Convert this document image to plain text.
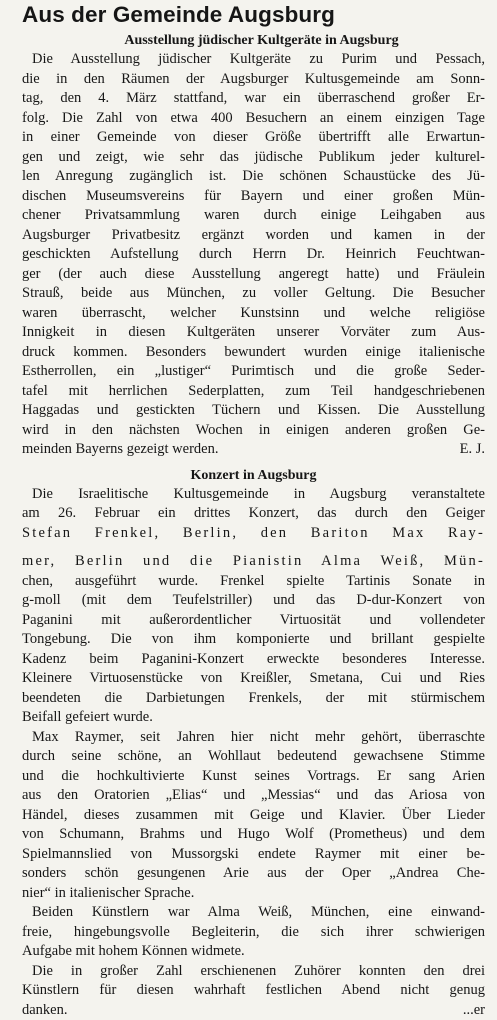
Aus der Gemeinde Augsburg
Ausstellung jüdischer Kultgeräte in Augsburg
Die Ausstellung jüdischer Kultgeräte zu Purim und Pessach,
die in den Räumen der Augsburger Kultusgemeinde am Sonn-
tag, den 4. März stattfand, war ein überraschend großer Er-
folg. Die Zahl von etwa 400 Besuchern an einem einzigen Tage
in einer Gemeinde von dieser Größe übertrifft alle Erwartun-
gen und zeigt, wie sehr das jüdische Publikum jeder kulturel-
len Anregung zugänglich ist. Die schönen Schaustücke des Jü-
dischen Museumsvereins für Bayern und einer großen Mün-
chener Privatsammlung waren durch einige Leihgaben aus
Augsburger Privatbesitz ergänzt worden und kamen in der
geschickten Aufstellung durch Herrn Dr. Heinrich Feuchtwan-
ger (der auch diese Ausstellung angeregt hatte) und Fräulein
Strauß, beide aus München, zu voller Geltung. Die Besucher
waren überrascht, welcher Kunstsinn und welche religiöse
Innigkeit in diesen Kultgeräten unserer Vorväter zum Aus-
druck kommen. Besonders bewundert wurden einige italienische
Estherrollen, ein „lustiger“ Purimtisch und die große Seder-
tafel mit herrlichen Sederplatten, zum Teil handgeschriebenen
Haggadas und gestickten Tüchern und Kissen. Die Ausstellung
wird in den nächsten Wochen in einigen anderen großen Ge-
meinden Bayerns gezeigt werden.	E. J.
Konzert in Augsburg
Die Israelitische Kultusgemeinde in Augsburg veranstaltete
am 26. Februar ein drittes Konzert, das durch den Geiger
Stefan Frenkel, Berlin, den Bariton Max Ray-
mer, Berlin und die Pianistin Alma Weiß, Mün-
chen, ausgeführt wurde. Frenkel spielte Tartinis Sonate in
g-moll (mit dem Teufelstriller) und das D-dur-Konzert von
Paganini mit außerordentlicher Virtuosität und vollendeter
Tongebung. Die von ihm komponierte und brillant gespielte
Kadenz beim Paganini-Konzert erweckte besonderes Interesse.
Kleinere Virtuosenstücke von Kreißler, Smetana, Cui und Ries
beendeten die Darbietungen Frenkels, der mit stürmischem
Beifall gefeiert wurde.
Max Raymer, seit Jahren hier nicht mehr gehört, überraschte
durch seine schöne, an Wohllaut bedeutend gewachsene Stimme
und die hochkultivierte Kunst seines Vortrags. Er sang Arien
aus den Oratorien „Elias“ und „Messias“ und das Ariosa von
Händel, dieses zusammen mit Geige und Klavier. Über Lieder
von Schumann, Brahms und Hugo Wolf (Prometheus) und dem
Spielmannslied von Mussorgski endete Raymer mit einer be-
sonders schön gesungenen Arie aus der Oper „Andrea Che-
nier“ in italienischer Sprache.
Beiden Künstlern war Alma Weiß, München, eine einwand-
freie, hingebungsvolle Begleiterin, die sich ihrer schwierigen
Aufgabe mit hohem Können widmete.
Die in großer Zahl erschienenen Zuhörer konnten den drei
Künstlern für diesen wahrhaft festlichen Abend nicht genug
danken.	...er
